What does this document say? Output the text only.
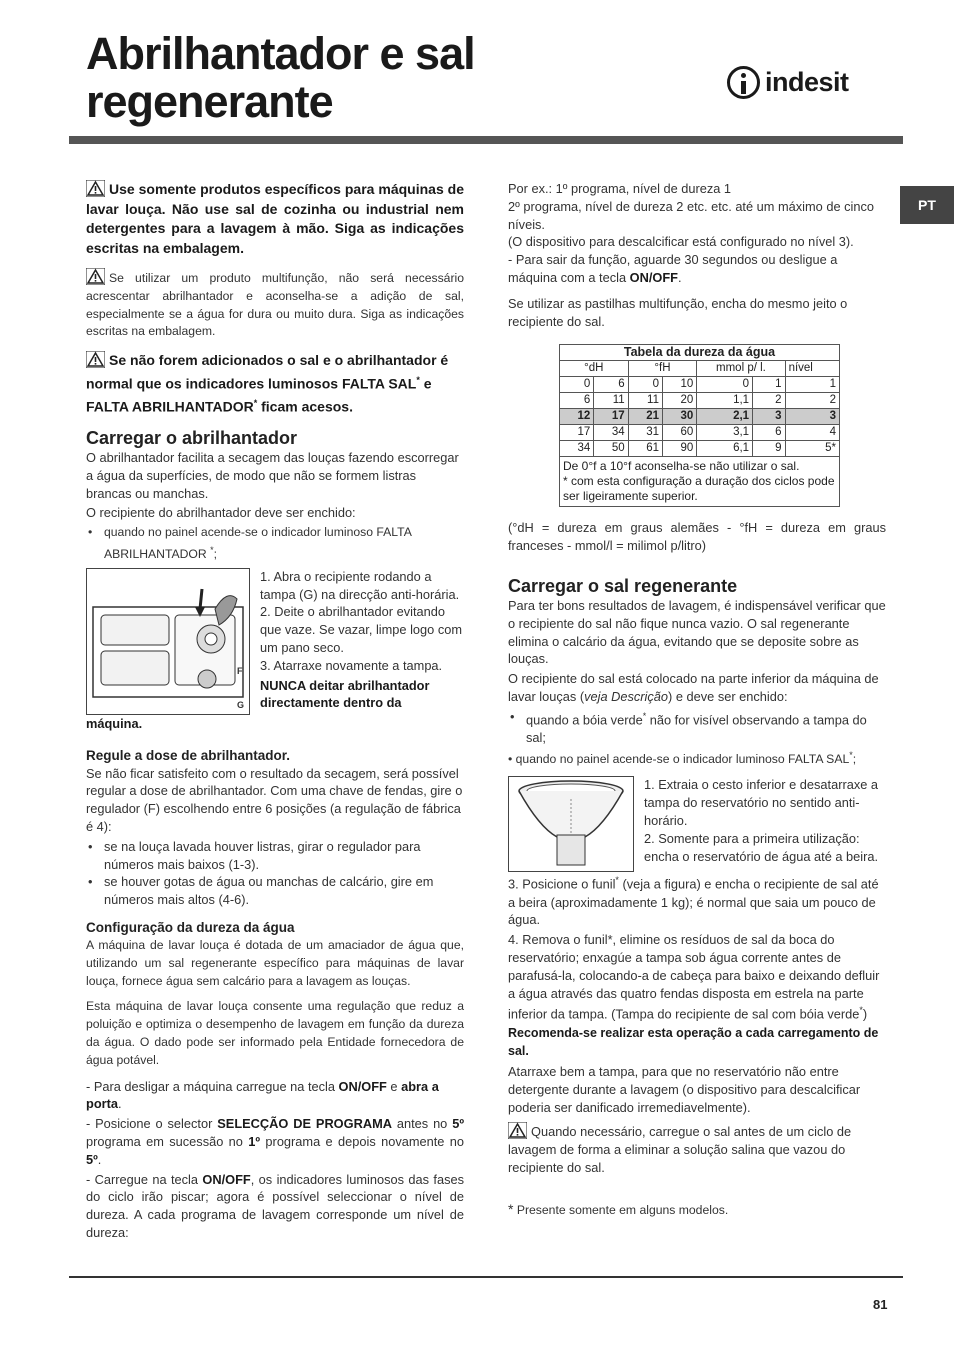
Abrilhantador e sal regenerante	indesit
PT

Use somente produtos específicos para máquinas de lavar louça. Não use sal de cozinha ou industrial nem detergentes para a lavagem à mão. Siga as indicações escritas na embalagem.

Se utilizar um produto multifunção, não será necessário acrescentar abrilhantador e aconselha-se a adição de sal, especialmente se a água for dura ou muito dura. Siga as indicações escritas na embalagem.

Se não forem adicionados o sal e o abrilhantador é normal que os indicadores luminosos FALTA SAL* e FALTA ABRILHANTADOR* ficam acesos.

Carregar o abrilhantador

O abrilhantador facilita a secagem das louças fazendo escorregar a água da superfícies, de modo que não se formem listras brancas ou manchas.

O recipiente do abrilhantador deve ser enchido:

• quando no painel acende-se o indicador luminoso FALTA ABRILHANTADOR *;
F
G

1. Abra o recipiente rodando a tampa (G) na direcção anti-horária.
2. Deite o abrilhantador evitando que vaze. Se vazar, limpe logo com um pano seco.
3. Atarraxe novamente a tampa.

NUNCA deitar abrilhantador directamente dentro da

máquina.

Regule a dose de abrilhantador.

Se não ficar satisfeito com o resultado da secagem, será possível regular a dose de abrilhantador. Com uma chave de fendas, gire o regulador (F) escolhendo entre 6 posições (a regulação de fábrica é 4):

• se na louça lavada houver listras, girar o regulador para números mais baixos (1-3).
• se houver gotas de água ou manchas de calcário, gire em números mais altos (4-6).
Configuração da dureza da água

A máquina de lavar louça é dotada de um amaciador de água que, utilizando um sal regenerante específico para máquinas de lavar louça, fornece água sem calcário para a lavagem as louças.

Esta máquina de lavar louça consente uma regulação que reduz a poluição e optimiza o desempenho de lavagem em função da dureza da água. O dado pode ser informado pela Entidade fornecedora de água potável.

- Para desligar a máquina carregue na tecla ON/OFF e abra a porta.

- Posicione o selector SELECÇÃO DE PROGRAMA antes no 5º programa em sucessão no 1º programa e depois novamente no 5º.

- Carregue na tecla ON/OFF, os indicadores luminosos das fases do ciclo irão piscar; agora é possível seleccionar o nível de dureza. A cada programa de lavagem corresponde um nível de dureza:

Por ex.: 1º programa, nível de dureza 1
2º programa, nível de dureza 2 etc. etc. até um máximo de cinco níveis.
(O dispositivo para descalcificar está configurado no nível 3).
- Para sair da função, aguarde 30 segundos ou desligue a máquina com a tecla ON/OFF.

Se utilizar as pastilhas multifunção, encha do mesmo jeito o recipiente do sal.

Tabela da dureza da água						
°dH		°fH		mmol p/ l.		nível
0	6	0	10	0	1	1
6	11	11	20	1,1	2	2
12	17	21	30	2,1	3	3
17	34	31	60	3,1	6	4
34	50	61	90	6,1	9	5*

De 0°f a 10°f aconselha-se não utilizar o sal.
* com esta configuração a duração dos ciclos pode ser ligeiramente superior.						

(°dH = dureza em graus alemães - °fH = dureza em graus franceses - mmol/l = milimol p/litro)

Carregar o sal regenerante

Para ter bons resultados de lavagem, é indispensável verificar que o recipiente do sal não fique nunca vazio. O sal regenerante elimina o calcário da água, evitando que se deposite sobre as louças.

O recipiente do sal está colocado na parte inferior da máquina de lavar louças (veja Descrição) e deve ser enchido:

• quando a bóia verde* não for visível observando a tampa do sal;

• quando no painel acende-se o indicador luminoso FALTA SAL*;

1. Extraia o cesto inferior e desatarraxe a tampa do reservatório no sentido anti-horário.
2. Somente para a primeira utilização: encha o reservatório de água até a beira.

3. Posicione o funil* (veja a figura) e encha o recipiente de sal até a beira (aproximadamente 1 kg); é normal que saia um pouco de água.

4. Remova o funil*, elimine os resíduos de sal da boca do reservatório; enxagúe a tampa sob água corrente antes de parafusá-la, colocando-a de cabeça para baixo e deixando defluir a água através das quatro fendas disposta em estrela na parte inferior da tampa. (Tampa do recipiente de sal com bóia verde*)

Recomenda-se realizar esta operação a cada carregamento de sal.

Atarraxe bem a tampa, para que no reservatório não entre detergente durante a lavagem (o dispositivo para descalcificar poderia ser danificado irremediavelmente).

Quando necessário, carregue o sal antes de um ciclo de lavagem de forma a eliminar a solução salina que vazou do recipiente do sal.

* Presente somente em alguns modelos.

81
